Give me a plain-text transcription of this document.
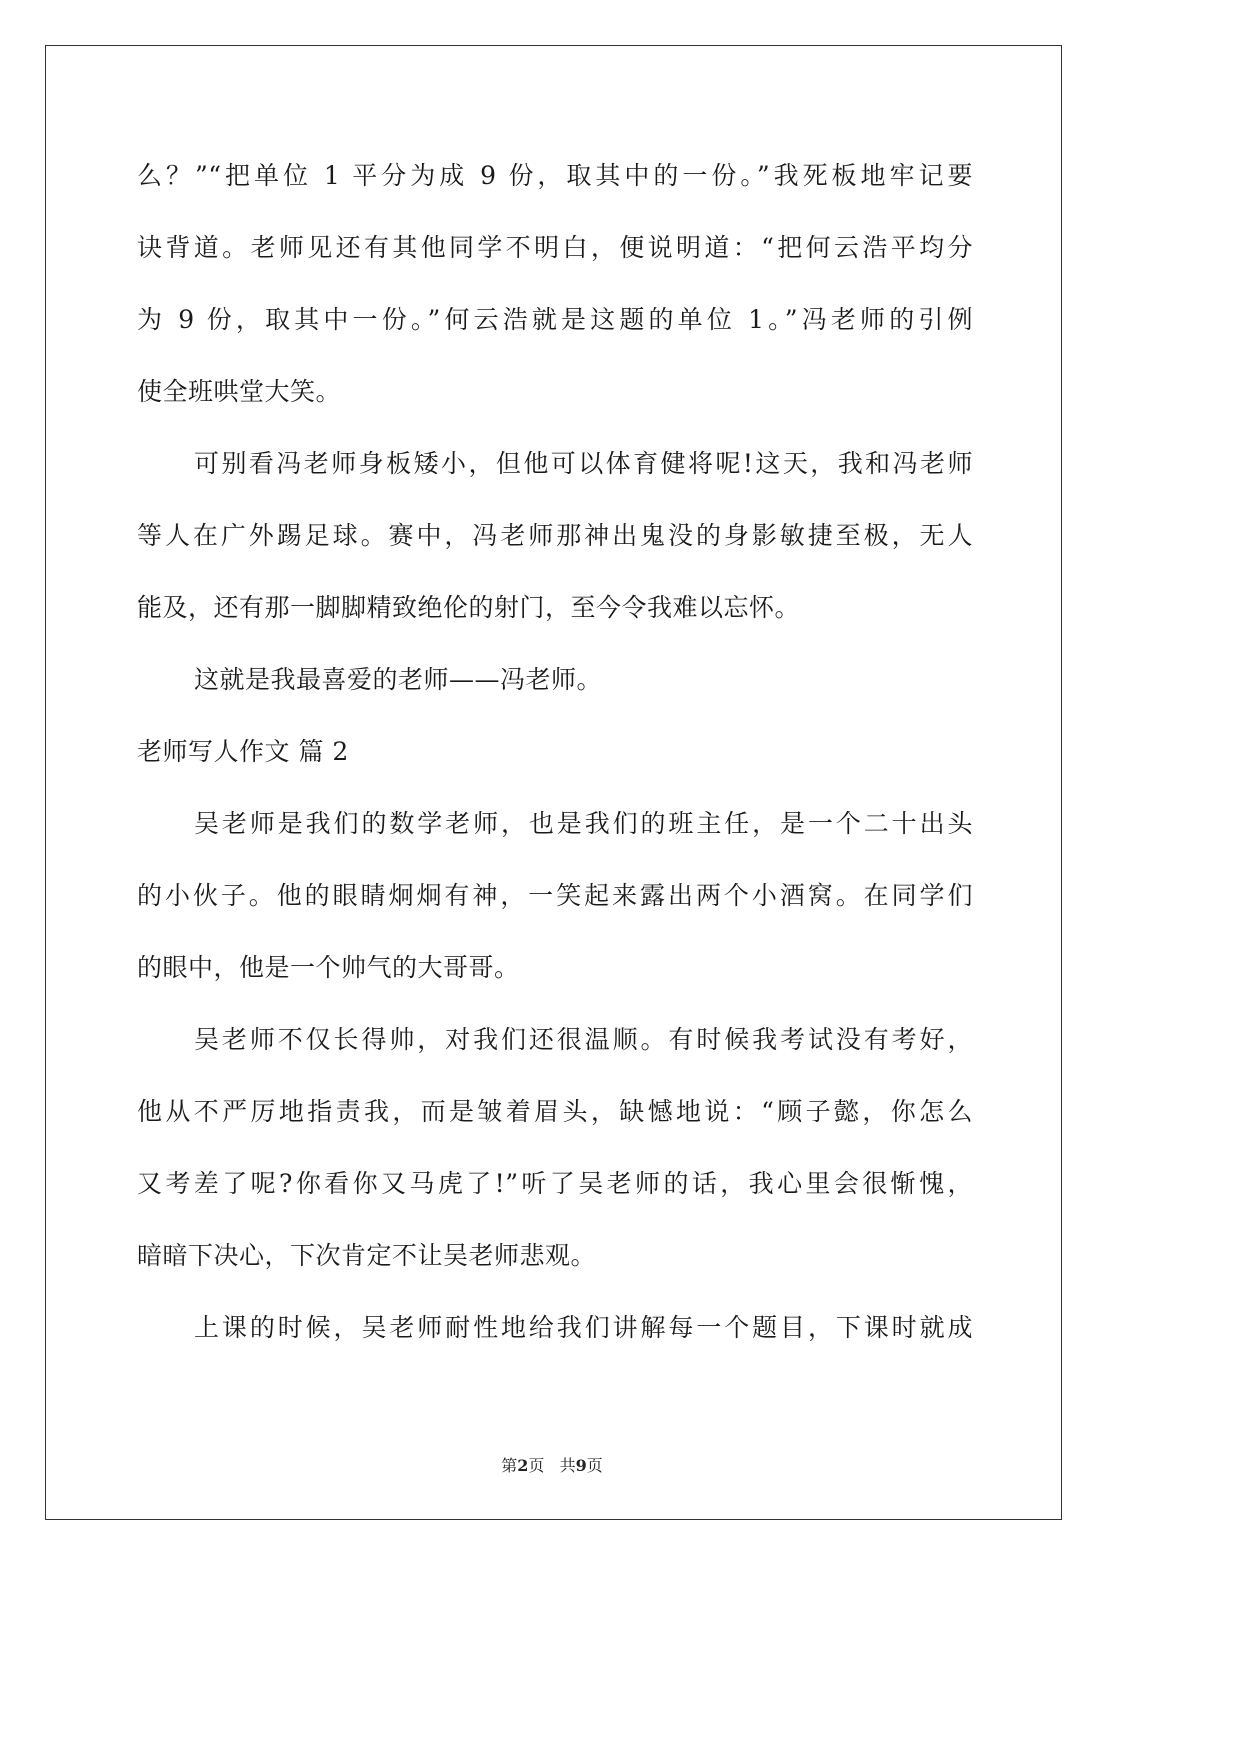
么？”“把单位 1 平分为成 9 份，取其中的一份。”我死板地牢记要
诀背道。老师见还有其他同学不明白，便说明道：“把何云浩平均分
为 9 份，取其中一份。”何云浩就是这题的单位 1。”冯老师的引例
使全班哄堂大笑。
可别看冯老师身板矮小，但他可以体育健将呢!这天，我和冯老师
等人在广外踢足球。赛中，冯老师那神出鬼没的身影敏捷至极，无人
能及，还有那一脚脚精致绝伦的射门，至今令我难以忘怀。
这就是我最喜爱的老师——冯老师。
老师写人作文 篇 2
吴老师是我们的数学老师，也是我们的班主任，是一个二十出头
的小伙子。他的眼睛炯炯有神，一笑起来露出两个小酒窝。在同学们
的眼中，他是一个帅气的大哥哥。
吴老师不仅长得帅，对我们还很温顺。有时候我考试没有考好，
他从不严厉地指责我，而是皱着眉头，缺憾地说：“顾子懿，你怎么
又考差了呢?你看你又马虎了!”听了吴老师的话，我心里会很惭愧，
暗暗下决心，下次肯定不让吴老师悲观。
上课的时候，吴老师耐性地给我们讲解每一个题目，下课时就成
第2页 共9页
